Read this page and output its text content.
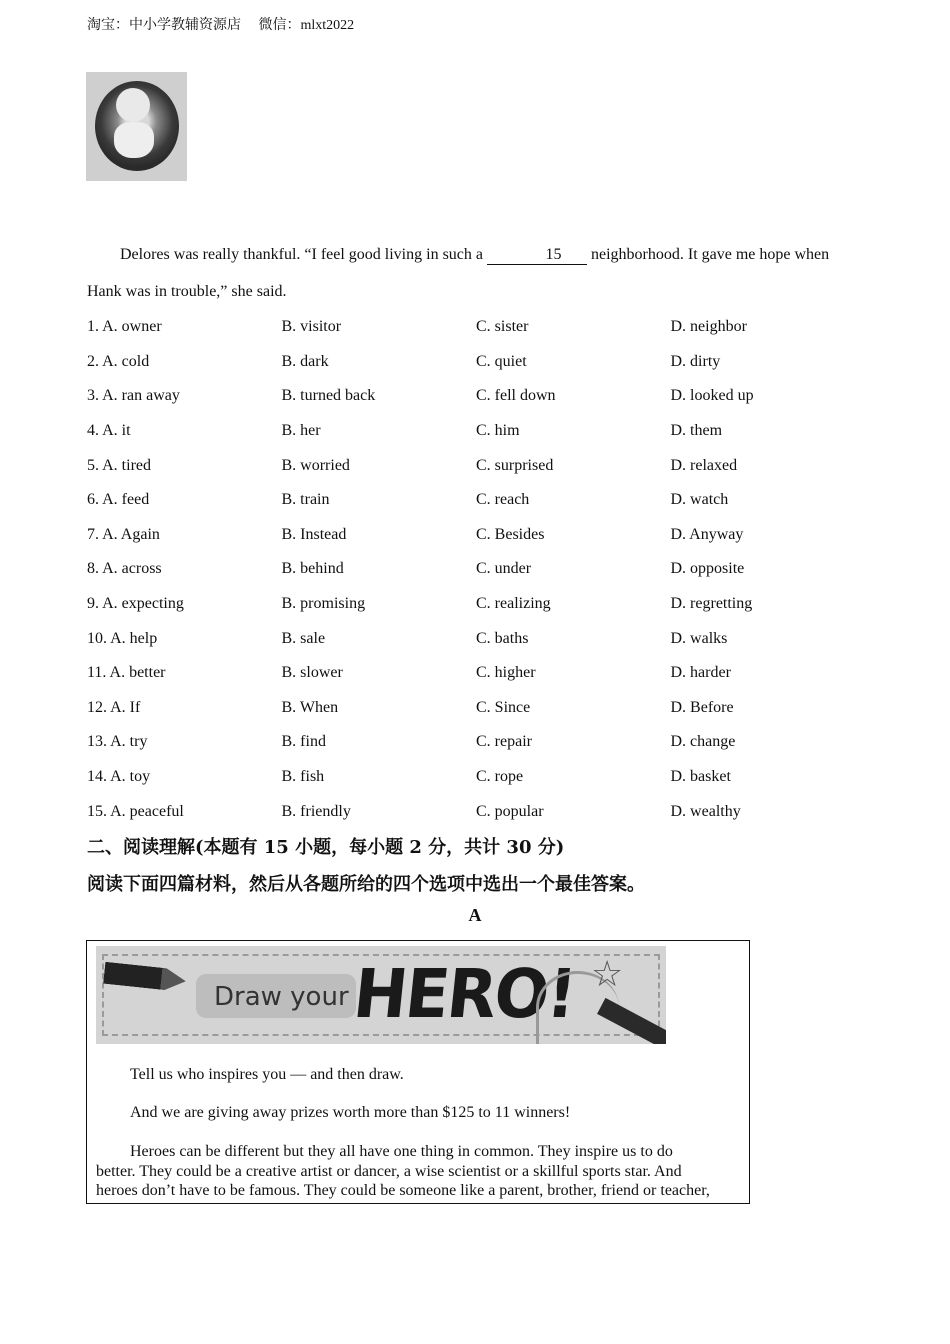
淘宝：中小学教辅资源店 微信：mlxt2022
Delores was really thankful. “I feel good living in such a	15 neighborhood. It gave me hope when
Hank was in trouble,” she said.
1. A. owner	B. visitor	C. sister	D. neighbor
2. A. cold	B. dark	C. quiet	D. dirty
3. A. ran away	B. turned back	C. fell down	D. looked up
4. A. it	B. her	C. him	D. them
5. A. tired	B. worried	C. surprised	D. relaxed
6. A. feed	B. train	C. reach	D. watch
7. A. Again	B. Instead	C. Besides	D. Anyway
8. A. across	B. behind	C. under	D. opposite
9. A. expecting	B. promising	C. realizing	D. regretting
10. A. help	B. sale	C. baths	D. walks
11. A. better	B. slower	C. higher	D. harder
12. A. If	B. When	C. Since	D. Before
13. A. try	B. find	C. repair	D. change
14. A. toy	B. fish	C. rope	D. basket
15. A. peaceful	B. friendly	C. popular	D. wealthy
二、阅读理解(本题有 15 小题，每小题 2 分，共计 30 分)
阅读下面四篇材料，然后从各题所给的四个选项中选出一个最佳答案。
A
Draw your HERO! ☆
Tell us who inspires you — and then draw.
And we are giving away prizes worth more than $125 to 11 winners!
Heroes can be different but they all have one thing in common. They inspire us to do
better. They could be a creative artist or dancer, a wise scientist or a skillful sports star. And
heroes don’t have to be famous. They could be someone like a parent, brother, friend or teacher,
